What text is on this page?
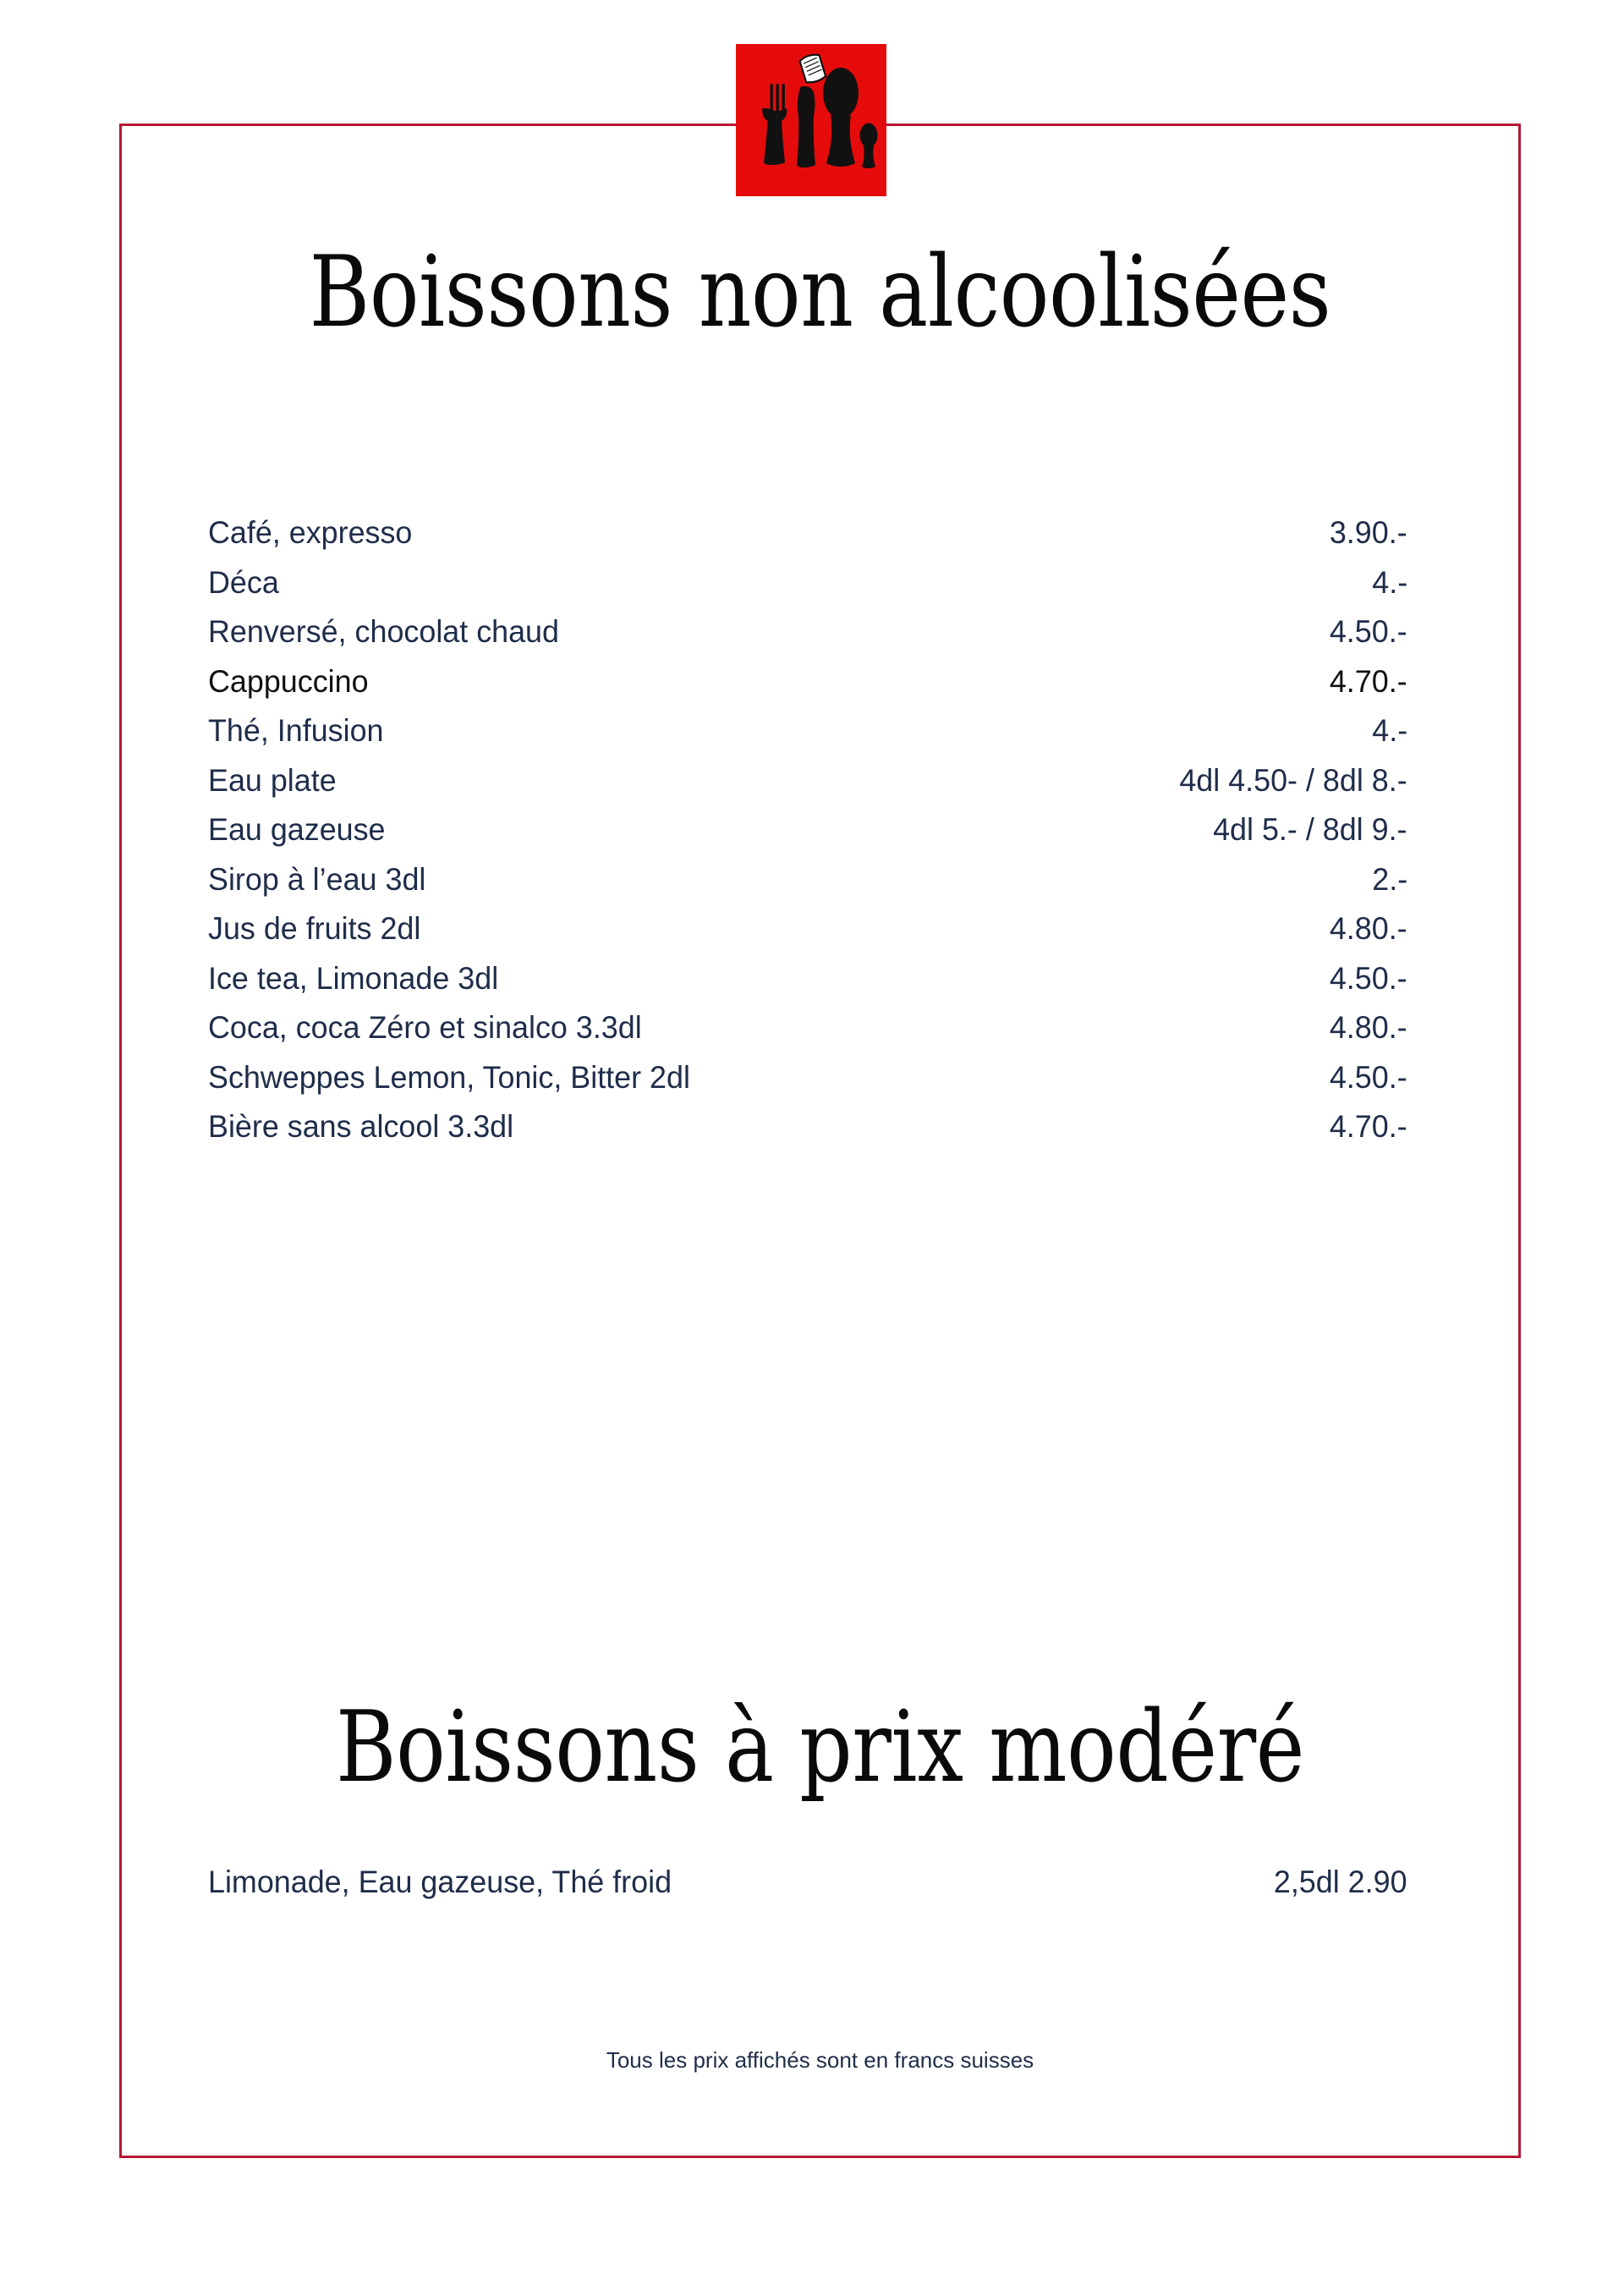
Boissons non alcoolisées
Café, expresso	3.90.-
Déca	4.-
Renversé, chocolat chaud	4.50.-
Cappuccino	4.70.-
Thé, Infusion	4.-
Eau plate	4dl 4.50- / 8dl 8.-
Eau gazeuse	4dl 5.- / 8dl 9.-
Sirop à l’eau 3dl	2.-
Jus de fruits 2dl	4.80.-
Ice tea, Limonade 3dl	4.50.-
Coca, coca Zéro et sinalco 3.3dl	4.80.-
Schweppes Lemon, Tonic, Bitter 2dl	4.50.-
Bière sans alcool 3.3dl	4.70.-
Boissons à prix modéré
Limonade, Eau gazeuse, Thé froid	2,5dl 2.90
Tous les prix affichés sont en francs suisses
